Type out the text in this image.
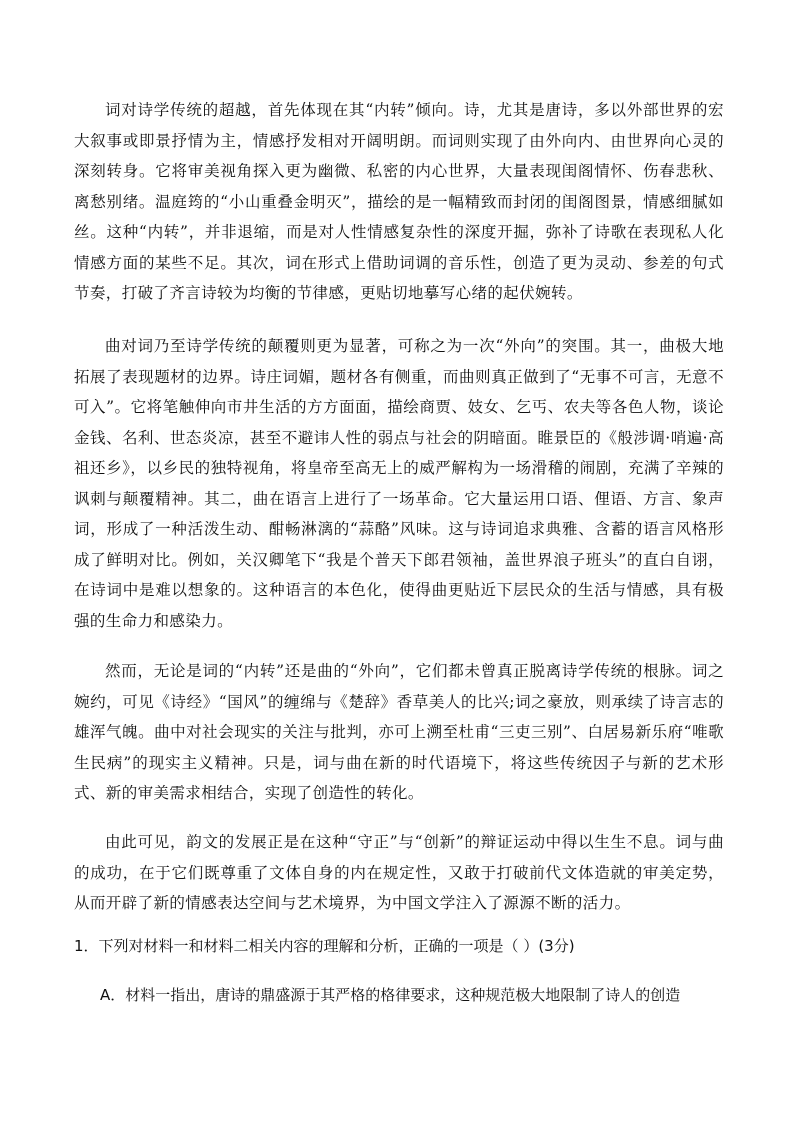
词对诗学传统的超越，首先体现在其“内转”倾向。诗，尤其是唐诗，多以外部世界的宏大叙事或即景抒情为主，情感抒发相对开阔明朗。而词则实现了由外向内、由世界向心灵的深刻转身。它将审美视角探入更为幽微、私密的内心世界，大量表现闺阁情怀、伤春悲秋、离愁别绪。温庭筠的“小山重叠金明灭”，描绘的是一幅精致而封闭的闺阁图景，情感细腻如丝。这种“内转”，并非退缩，而是对人性情感复杂性的深度开掘，弥补了诗歌在表现私人化情感方面的某些不足。其次，词在形式上借助词调的音乐性，创造了更为灵动、参差的句式节奏，打破了齐言诗较为均衡的节律感，更贴切地摹写心绪的起伏婉转。

曲对词乃至诗学传统的颠覆则更为显著，可称之为一次“外向”的突围。其一，曲极大地拓展了表现题材的边界。诗庄词媚，题材各有侧重，而曲则真正做到了“无事不可言，无意不可入”。它将笔触伸向市井生活的方方面面，描绘商贾、妓女、乞丐、农夫等各色人物，谈论金钱、名利、世态炎凉，甚至不避讳人性的弱点与社会的阴暗面。睢景臣的《般涉调·哨遍·高祖还乡》，以乡民的独特视角，将皇帝至高无上的威严解构为一场滑稽的闹剧，充满了辛辣的讽刺与颠覆精神。其二，曲在语言上进行了一场革命。它大量运用口语、俚语、方言、象声词，形成了一种活泼生动、酣畅淋漓的“蒜酪”风味。这与诗词追求典雅、含蓄的语言风格形成了鲜明对比。例如，关汉卿笔下“我是个普天下郎君领袖，盖世界浪子班头”的直白自诩，在诗词中是难以想象的。这种语言的本色化，使得曲更贴近下层民众的生活与情感，具有极强的生命力和感染力。

然而，无论是词的“内转”还是曲的“外向”，它们都未曾真正脱离诗学传统的根脉。词之婉约，可见《诗经》“国风”的缠绵与《楚辞》香草美人的比兴;词之豪放，则承续了诗言志的雄浑气魄。曲中对社会现实的关注与批判，亦可上溯至杜甫“三吏三别”、白居易新乐府“唯歌生民病”的现实主义精神。只是，词与曲在新的时代语境下，将这些传统因子与新的艺术形式、新的审美需求相结合，实现了创造性的转化。

由此可见，韵文的发展正是在这种“守正”与“创新”的辩证运动中得以生生不息。词与曲的成功，在于它们既尊重了文体自身的内在规定性，又敢于打破前代文体造就的审美定势，从而开辟了新的情感表达空间与艺术境界，为中国文学注入了源源不断的活力。

1．下列对材料一和材料二相关内容的理解和分析，正确的一项是（ ）(3分)

A．材料一指出，唐诗的鼎盛源于其严格的格律要求，这种规范极大地限制了诗人的创造
